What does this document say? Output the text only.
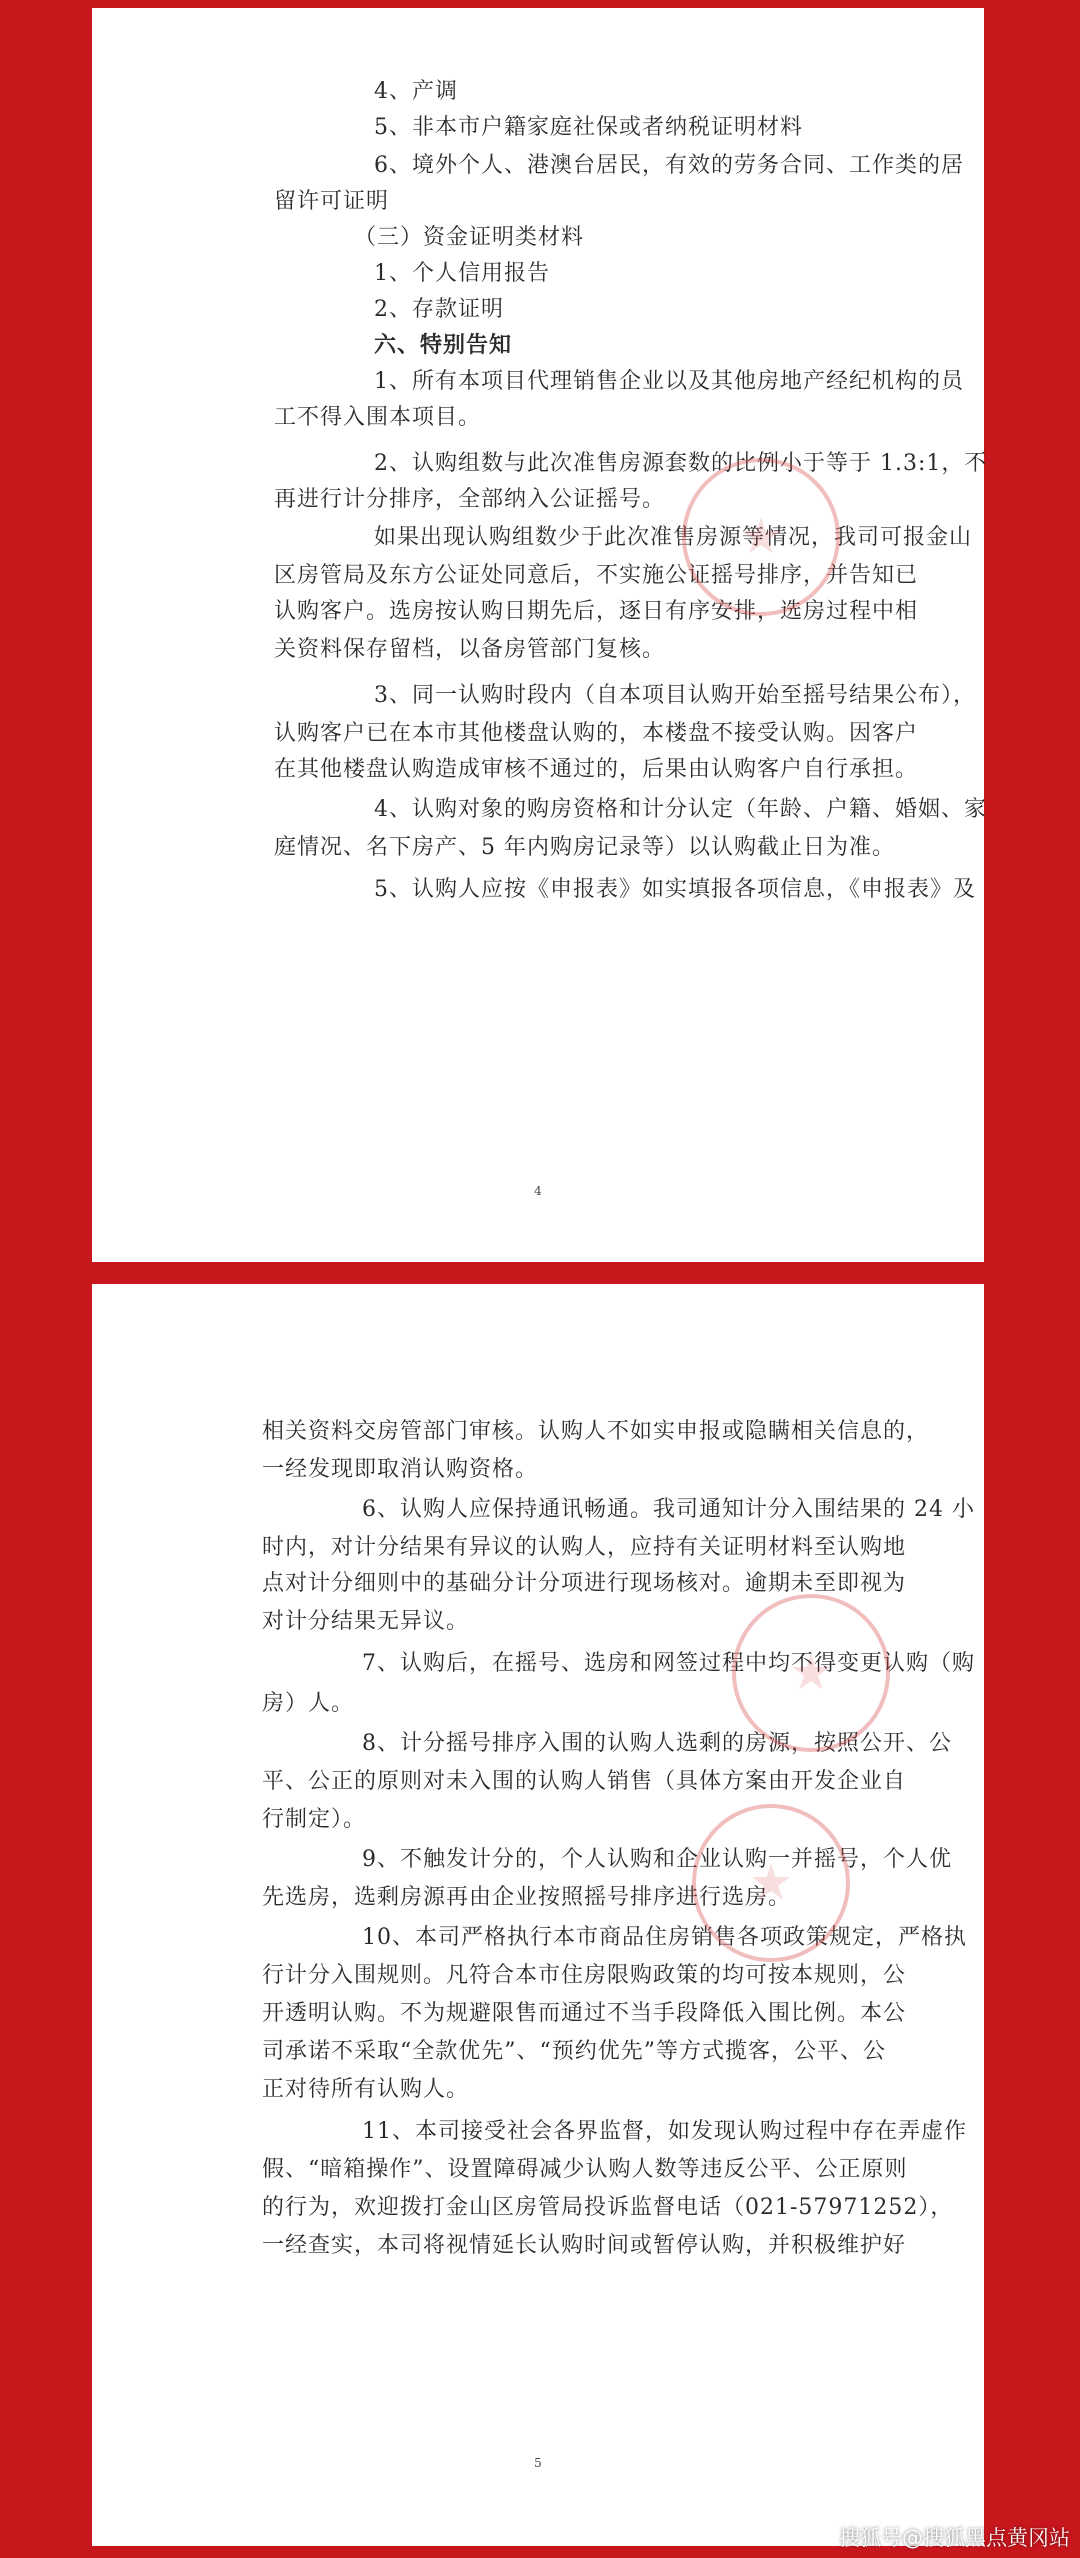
4、产调
5、非本市户籍家庭社保或者纳税证明材料
6、境外个人、港澳台居民，有效的劳务合同、工作类的居
留许可证明
（三）资金证明类材料
1、个人信用报告
2、存款证明
六、特别告知
1、所有本项目代理销售企业以及其他房地产经纪机构的员
工不得入围本项目。
2、认购组数与此次准售房源套数的比例小于等于 1.3:1，不
再进行计分排序，全部纳入公证摇号。
如果出现认购组数少于此次准售房源等情况，我司可报金山
区房管局及东方公证处同意后，不实施公证摇号排序，并告知已
认购客户。选房按认购日期先后，逐日有序安排，选房过程中相
关资料保存留档，以备房管部门复核。
3、同一认购时段内（自本项目认购开始至摇号结果公布），
认购客户已在本市其他楼盘认购的，本楼盘不接受认购。因客户
在其他楼盘认购造成审核不通过的，后果由认购客户自行承担。
4、认购对象的购房资格和计分认定（年龄、户籍、婚姻、家
庭情况、名下房产、5 年内购房记录等）以认购截止日为准。
5、认购人应按《申报表》如实填报各项信息，《申报表》及
4
相关资料交房管部门审核。认购人不如实申报或隐瞒相关信息的，
一经发现即取消认购资格。
6、认购人应保持通讯畅通。我司通知计分入围结果的 24 小
时内，对计分结果有异议的认购人，应持有关证明材料至认购地
点对计分细则中的基础分计分项进行现场核对。逾期未至即视为
对计分结果无异议。
7、认购后，在摇号、选房和网签过程中均不得变更认购（购
房）人。
8、计分摇号排序入围的认购人选剩的房源，按照公开、公
平、公正的原则对未入围的认购人销售（具体方案由开发企业自
行制定）。
9、不触发计分的，个人认购和企业认购一并摇号，个人优
先选房，选剩房源再由企业按照摇号排序进行选房。
10、本司严格执行本市商品住房销售各项政策规定，严格执
行计分入围规则。凡符合本市住房限购政策的均可按本规则，公
开透明认购。不为规避限售而通过不当手段降低入围比例。本公
司承诺不采取“全款优先”、“预约优先”等方式揽客，公平、公
正对待所有认购人。
11、本司接受社会各界监督，如发现认购过程中存在弄虚作
假、“暗箱操作”、设置障碍减少认购人数等违反公平、公正原则
的行为，欢迎拨打金山区房管局投诉监督电话（021-57971252），
一经查实，本司将视情延长认购时间或暂停认购，并积极维护好
5
搜狐号@搜狐黑点黄冈站
